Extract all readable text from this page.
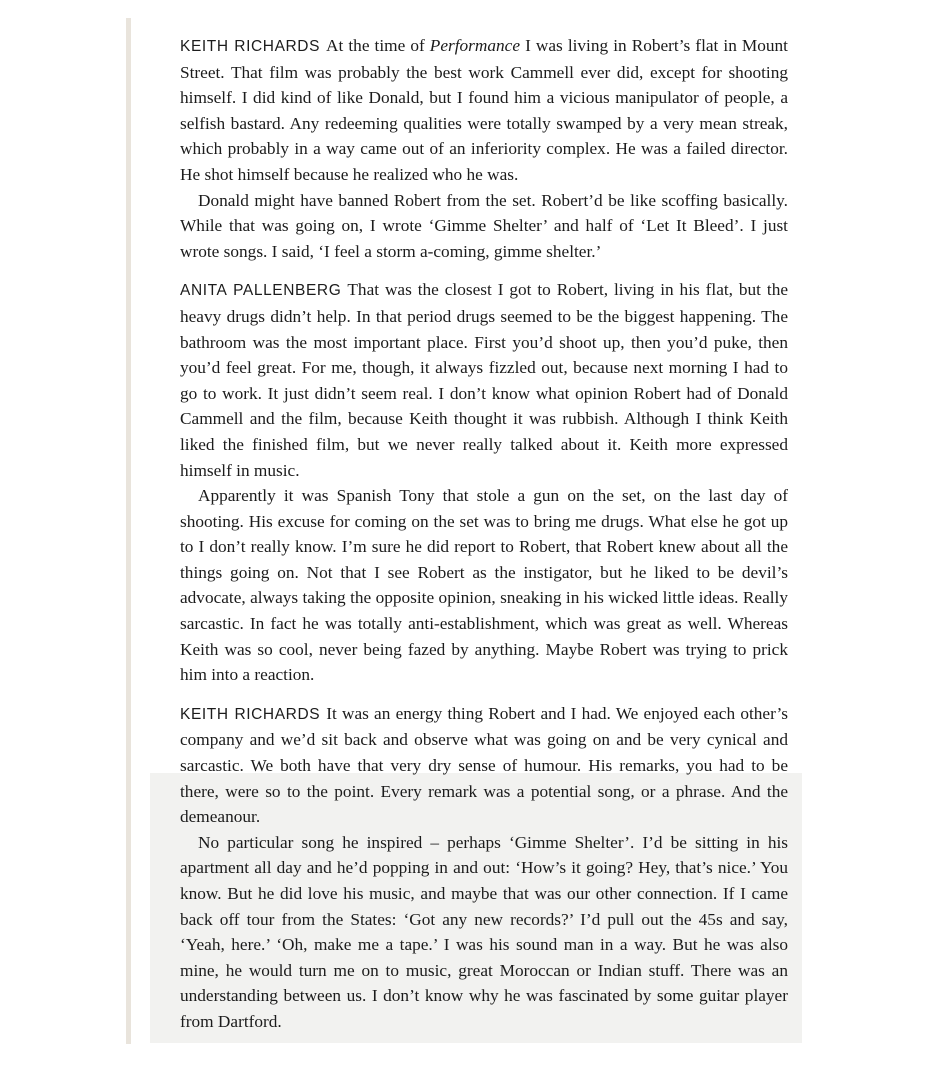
KEITH RICHARDS At the time of Performance I was living in Robert’s flat in Mount Street. That film was probably the best work Cammell ever did, except for shooting himself. I did kind of like Donald, but I found him a vicious manipulator of people, a selfish bastard. Any redeeming qualities were totally swamped by a very mean streak, which probably in a way came out of an inferiority complex. He was a failed director. He shot himself because he realized who he was.

Donald might have banned Robert from the set. Robert’d be like scoffing basically. While that was going on, I wrote ‘Gimme Shelter’ and half of ‘Let It Bleed’. I just wrote songs. I said, ‘I feel a storm a-coming, gimme shelter.’

ANITA PALLENBERG That was the closest I got to Robert, living in his flat, but the heavy drugs didn’t help. In that period drugs seemed to be the biggest happening. The bathroom was the most important place. First you’d shoot up, then you’d puke, then you’d feel great. For me, though, it always fizzled out, because next morning I had to go to work. It just didn’t seem real. I don’t know what opinion Robert had of Donald Cammell and the film, because Keith thought it was rubbish. Although I think Keith liked the finished film, but we never really talked about it. Keith more expressed himself in music.

Apparently it was Spanish Tony that stole a gun on the set, on the last day of shooting. His excuse for coming on the set was to bring me drugs. What else he got up to I don’t really know. I’m sure he did report to Robert, that Robert knew about all the things going on. Not that I see Robert as the instigator, but he liked to be devil’s advocate, always taking the opposite opinion, sneaking in his wicked little ideas. Really sarcastic. In fact he was totally anti-establishment, which was great as well. Whereas Keith was so cool, never being fazed by anything. Maybe Robert was trying to prick him into a reaction.

KEITH RICHARDS It was an energy thing Robert and I had. We enjoyed each other’s company and we’d sit back and observe what was going on and be very cynical and sarcastic. We both have that very dry sense of humour. His remarks, you had to be there, were so to the point. Every remark was a potential song, or a phrase. And the demeanour.

No particular song he inspired – perhaps ‘Gimme Shelter’. I’d be sitting in his apartment all day and he’d popping in and out: ‘How’s it going? Hey, that’s nice.’ You know. But he did love his music, and maybe that was our other connection. If I came back off tour from the States: ‘Got any new records?’ I’d pull out the 45s and say, ‘Yeah, here.’ ‘Oh, make me a tape.’ I was his sound man in a way. But he was also mine, he would turn me on to music, great Moroccan or Indian stuff. There was an understanding between us. I don’t know why he was fascinated by some guitar player from Dartford.
